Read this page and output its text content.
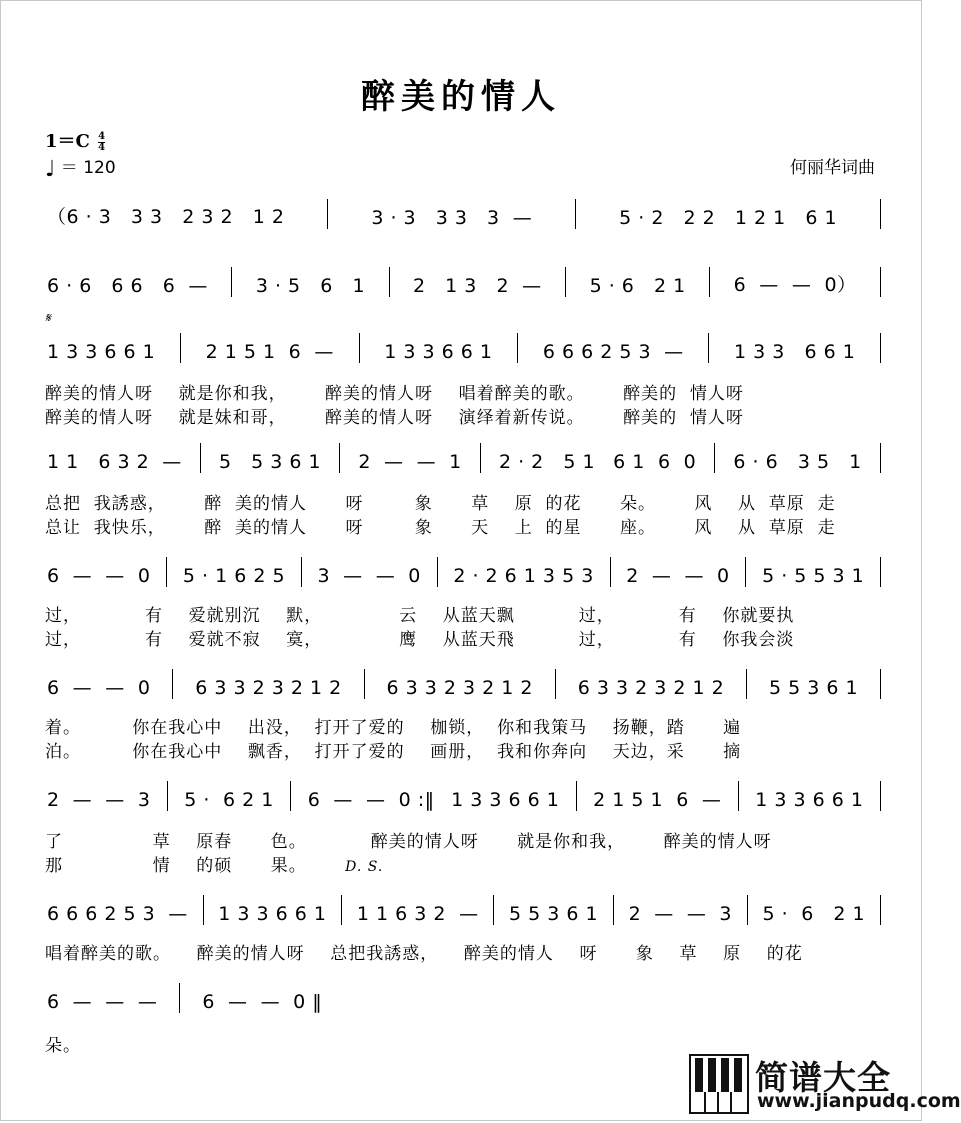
醉美的情人
$1=C \frac{4}{4}$
♩ ＝ 120	何丽华词曲
（6 · 3   3 3   2 3 2   1 2	3 · 3   3 3   3  —	5 · 2   2 2   1 2 1   6 1
6 · 6   6 6   6  —	3 · 5   6   1	2   1 3   2  —	5 · 6   2 1	6  —  —  0）
𝄋
1 3 3 6 6 1	2 1 5 1  6  —	1 3 3 6 6 1	6 6 6 2 5 3  —	1 3 3   6 6 1
醉美的情人呀    就是你和我，      醉美的情人呀    唱着醉美的歌。      醉美的  情人呀
醉美的情人呀    就是妹和哥，      醉美的情人呀    演绎着新传说。      醉美的  情人呀
1 1   6 3 2  — 5   5 3 6 1 2  —  —  1 2 · 2   5 1 6 1  6  0 6 · 6   3 5   1
总把  我誘惑，      醉  美的情人      呀        象      草    原  的花      朵。      风    从  草原  走
总让  我快乐，      醉  美的情人      呀        象      天    上  的星      座。      风    从  草原  走
6  —  —  0 5 · 1 6 2 5 3  —  —  0 2 · 2 6 1 3 5 3 2  —  —  0 5 · 5 5 3 1
过，          有    爱就别沉    默，            云    从蓝天飘          过，          有    你就要执
过，          有    爱就不寂    寞，            鹰    从蓝天飛          过，          有    你我会淡
6  —  —  0 6 3 3 2 3 2 1 2 6 3 3 2 3 2 1 2 6 3 3 2 3 2 1 2 5 5 3 6 1
着。        你在我心中    出没，  打开了爱的    枷锁，  你和我策马    扬鞭，踏      遍
泊。        你在我心中    飘香，  打开了爱的    画册，  我和你奔向    天边，采      摘
2  —  —  3 5 ·  6 2 1 6  —  —  0 :‖ 1 3 3 6 6 1 2 1 5 1  6  — 1 3 3 6 6 1
了              草    原春      色。          醉美的情人呀      就是你和我，      醉美的情人呀
那              情    的硕      果。	D. S.
6 6 6 2 5 3  — 1 3 3 6 6 1 1 1 6 3 2  — 5 5 3 6 1 2  —  —  3 5 ·  6   2 1
唱着醉美的歌。    醉美的情人呀    总把我誘惑，    醉美的情人    呀      象    草    原    的花
6  —  —  — 6  —  —  0 ‖
朵。
简谱大全
www.jianpudq.com
